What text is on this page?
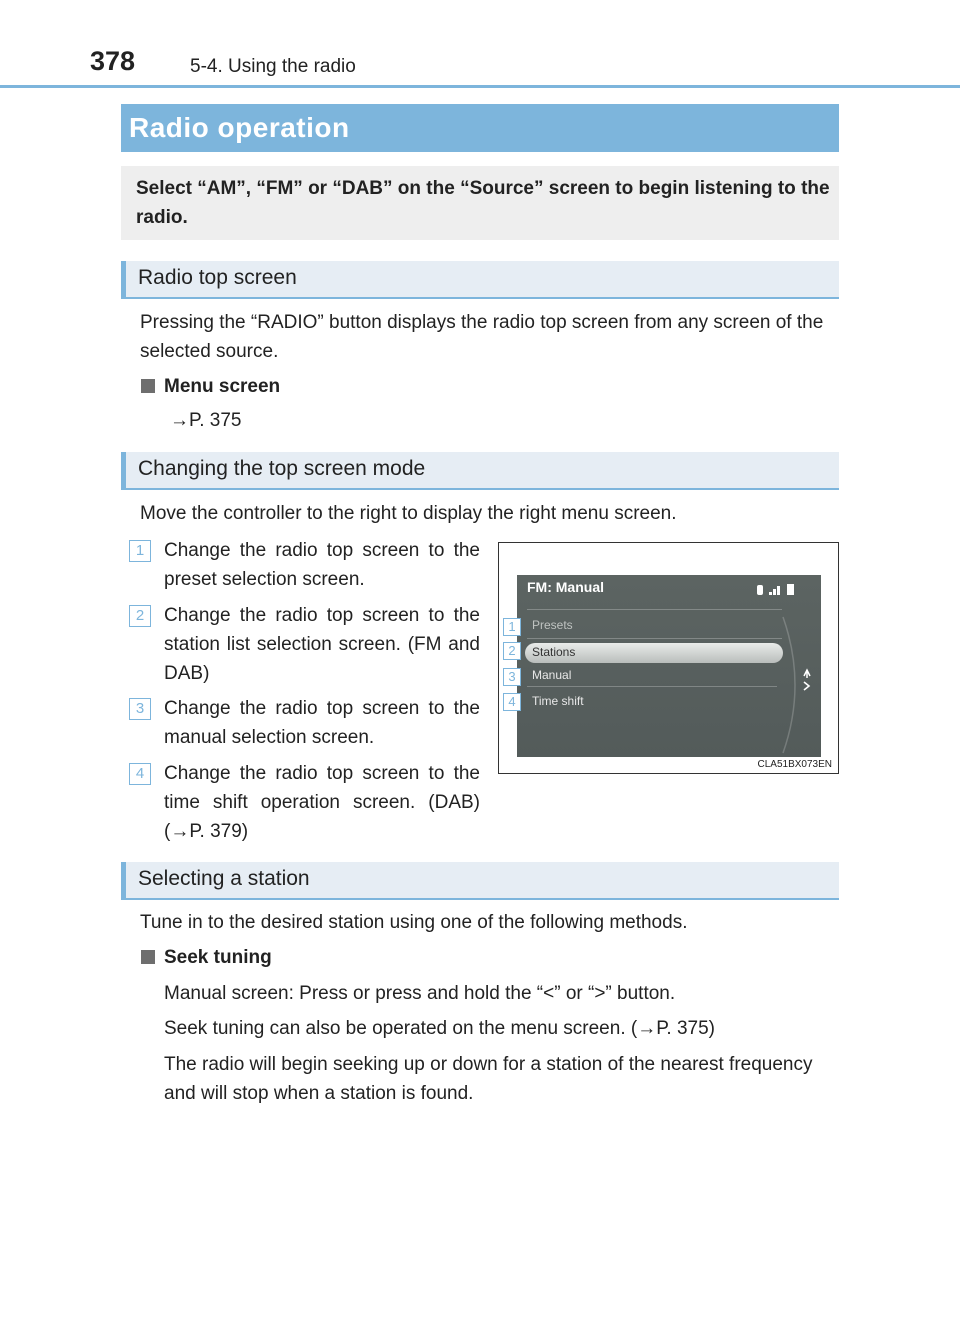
378	5-4. Using the radio
Radio operation

Select “AM”, “FM” or “DAB” on the “Source” screen to begin listening to the radio.

Radio top screen

Pressing the “RADIO” button displays the radio top screen from any screen of the selected source.

Menu screen

→P. 375

Changing the top screen mode

Move the controller to the right to display the right menu screen.

1	Change the radio top screen to the preset selection screen.

2	Change the radio top screen to the station list selection screen. (FM and DAB)

3	Change the radio top screen to the manual selection screen.

4	Change the radio top screen to the time shift operation screen. (DAB) (→P. 379)

FM: Manual
Presets
Stations
Manual
Time shift
1
2
3
4
CLA51BX073EN
Selecting a station

Tune in to the desired station using one of the following methods.

Seek tuning

Manual screen: Press or press and hold the “<” or “>” button.

Seek tuning can also be operated on the menu screen. (→P. 375)

The radio will begin seeking up or down for a station of the nearest frequency and will stop when a station is found.
